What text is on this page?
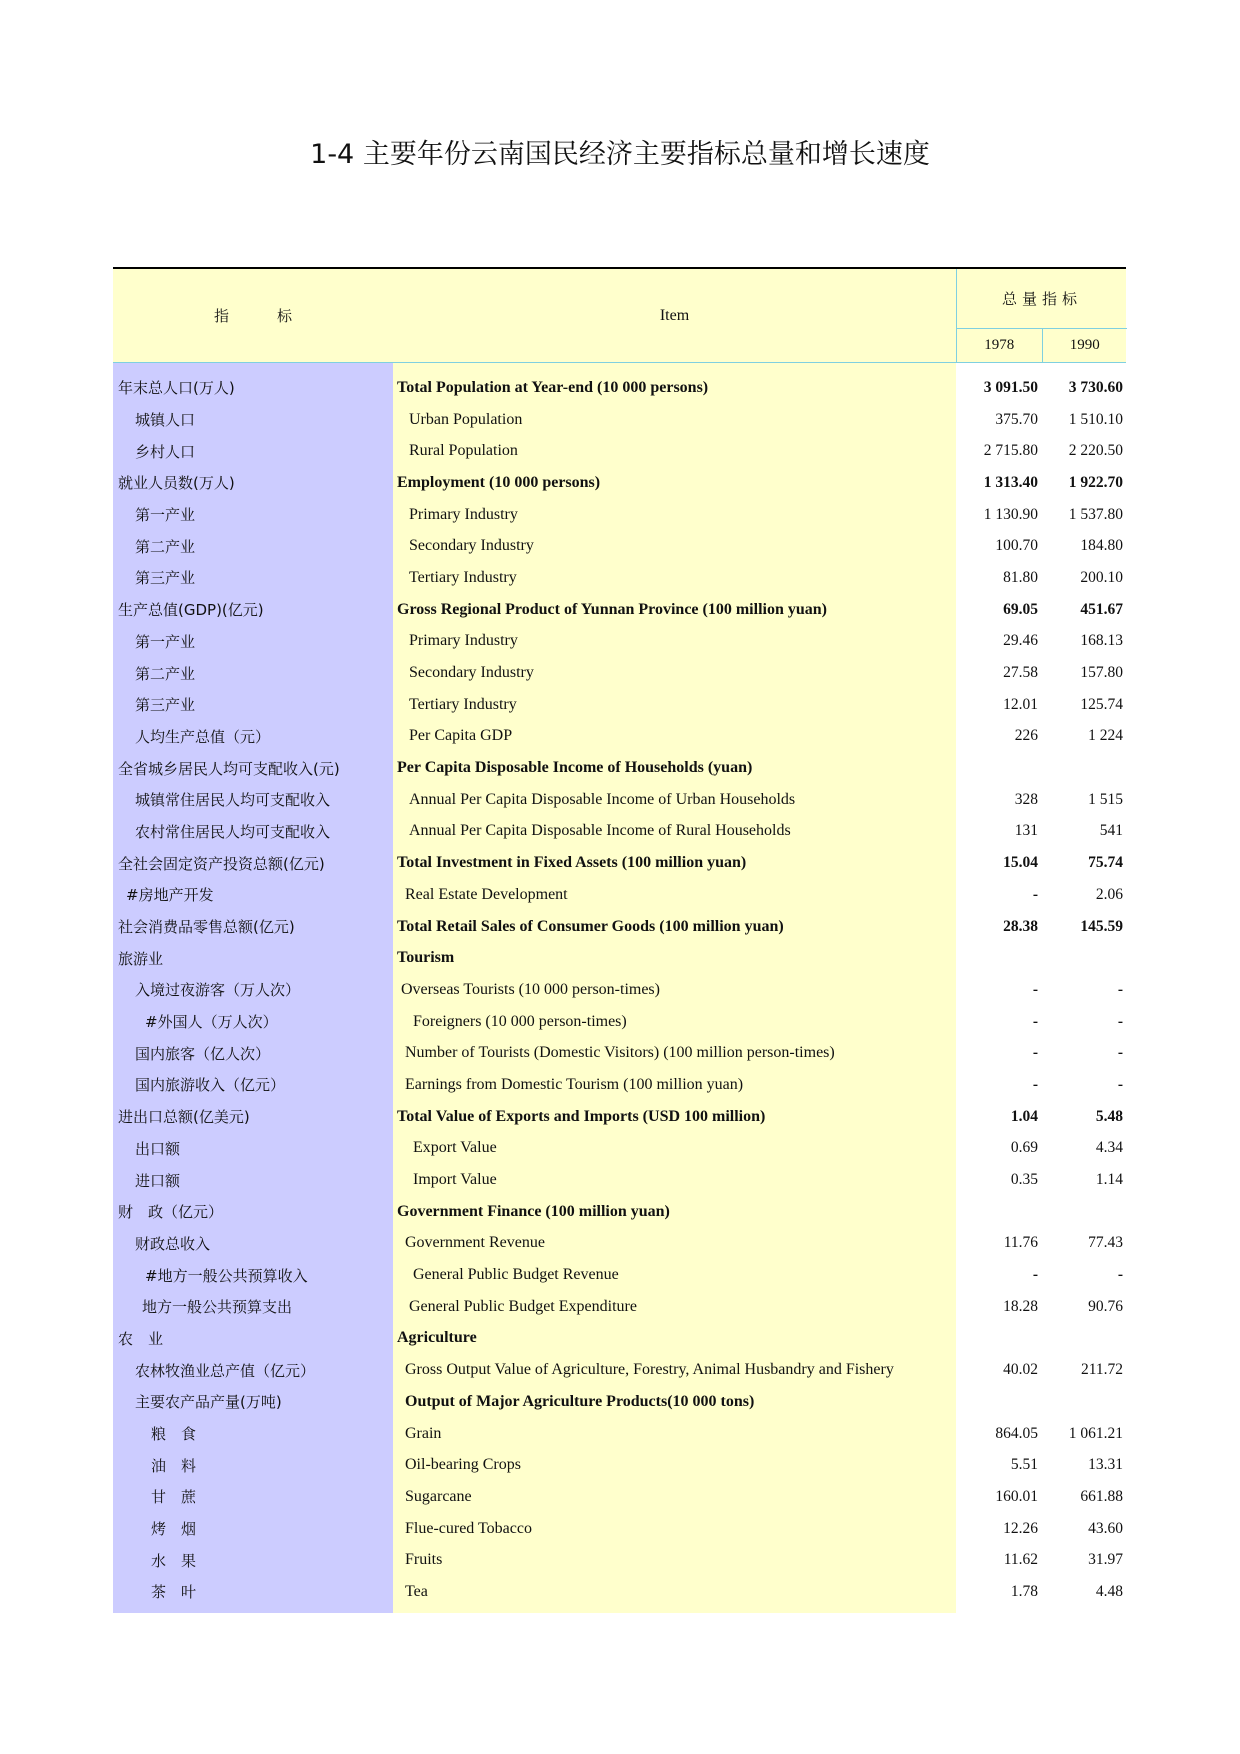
1-4 主要年份云南国民经济主要指标总量和增长速度
指标	Item
总量指标
1978	1990
年末总人口(万人)	Total Population at Year-end (10 000 persons)	3 091.50	3 730.60
城镇人口	Urban Population	375.70	1 510.10
乡村人口	Rural Population	2 715.80	2 220.50
就业人员数(万人)	Employment (10 000 persons)	1 313.40	1 922.70
第一产业	Primary Industry	1 130.90	1 537.80
第二产业	Secondary Industry	100.70	184.80
第三产业	Tertiary Industry	81.80	200.10
生产总值(GDP)(亿元)	Gross Regional Product of Yunnan Province (100 million yuan)	69.05	451.67
第一产业	Primary Industry	29.46	168.13
第二产业	Secondary Industry	27.58	157.80
第三产业	Tertiary Industry	12.01	125.74
人均生产总值（元）	Per Capita GDP	226	1 224
全省城乡居民人均可支配收入(元)	Per Capita Disposable Income of Households (yuan)
城镇常住居民人均可支配收入	Annual Per Capita Disposable Income of Urban Households	328	1 515
农村常住居民人均可支配收入	Annual Per Capita Disposable Income of Rural Households	131	541
全社会固定资产投资总额(亿元)	Total Investment in Fixed Assets (100 million yuan)	15.04	75.74
#房地产开发	Real Estate Development	-	2.06
社会消费品零售总额(亿元)	Total Retail Sales of Consumer Goods (100 million yuan)	28.38	145.59
旅游业	Tourism
入境过夜游客（万人次）	Overseas Tourists (10 000 person-times)	-	-
#外国人（万人次）	Foreigners (10 000 person-times)	-	-
国内旅客（亿人次）	Number of Tourists (Domestic Visitors) (100 million person-times)	-	-
国内旅游收入（亿元）	Earnings from Domestic Tourism (100 million yuan)	-	-
进出口总额(亿美元)	Total Value of Exports and Imports (USD 100 million)	1.04	5.48
出口额	Export Value	0.69	4.34
进口额	Import Value	0.35	1.14
财　政（亿元）	Government Finance (100 million yuan)
财政总收入	Government Revenue	11.76	77.43
#地方一般公共预算收入	General Public Budget Revenue	-	-
地方一般公共预算支出	General Public Budget Expenditure	18.28	90.76
农　业	Agriculture
农林牧渔业总产值（亿元）	Gross Output Value of Agriculture, Forestry, Animal Husbandry and Fishery	40.02	211.72
主要农产品产量(万吨)	Output of Major Agriculture Products(10 000 tons)
粮　食	Grain	864.05	1 061.21
油　料	Oil-bearing Crops	5.51	13.31
甘　蔗	Sugarcane	160.01	661.88
烤　烟	Flue-cured Tobacco	12.26	43.60
水　果	Fruits	11.62	31.97
茶　叶	Tea	1.78	4.48
